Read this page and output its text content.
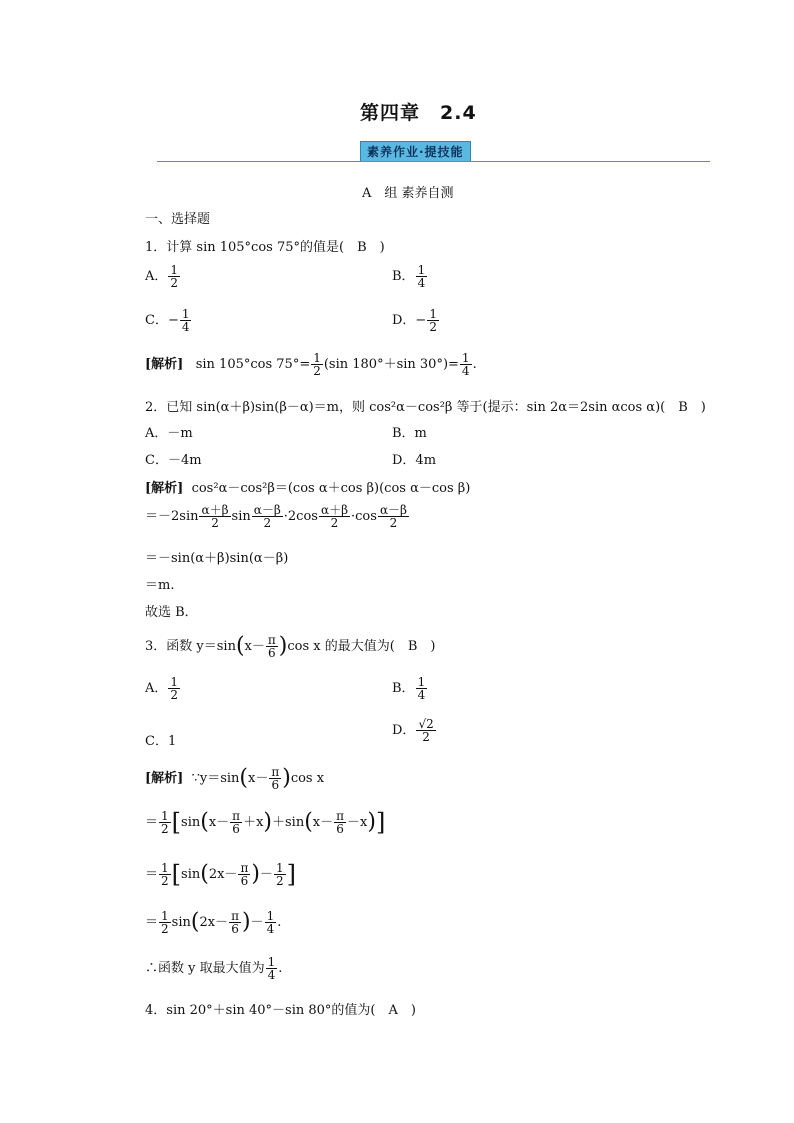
第四章　2.4
素养作业·提技能
A　组 素养自测
一、选择题
1．计算 sin 105°cos 75°的值是(　B　)
A． $\frac{1}{2}$	B． $\frac{1}{4}$
C．− $\frac{1}{4}$	D．− $\frac{1}{2}$
[解析] sin 105°cos $75^\circ= \frac{1}{2} (\sin$ 180°＋sin $30^\circ)= \frac{1}{4}$ .
2．已知 sin(α＋β)sin(β－α)＝m，则 cos²α－cos²β 等于(提示：sin 2α＝2sin αcos α)(　B　)
A．－m	B．m
C．－4m	D．4m
[解析] cos²α－cos²β＝(cos α＋cos β)(cos α－cos β)
$=-2\sin \frac{\alpha+\beta}{2}$ $\sin \frac{\alpha-\beta}{2} \cdot 2\cos \frac{\alpha+\beta}{2} \cdot\cos \frac{\alpha-\beta}{2}$
＝－sin(α＋β)sin(α－β)
＝m.
故选 B．
3．函数 $y=\sin(x- \frac{\pi}{6} )\cos$ x 的最大值为(　B　)
A． $\frac{1}{2}$	B． $\frac{1}{4}$
C．1
D． $\frac{√2}{2}$
[解析] ∵y＝sin(x－ $\frac{\pi}{6} )\cos$ x
＝ $\frac{1}{2} [\sin(x- \frac{\pi}{6} +x)+\sin(x- \frac{\pi}{6} -x)]$
＝ $\frac{1}{2} [\sin(2x- \frac{\pi}{6}$ )－ $\frac{1}{2}$ ]
＝ $\frac{1}{2} \sin(2x- \frac{\pi}{6}$ )－ $\frac{1}{4}$ .
∴函数 y 取最大值为 $\frac{1}{4}$ .
4．sin 20°＋sin 40°－sin 80°的值为(　A　)
